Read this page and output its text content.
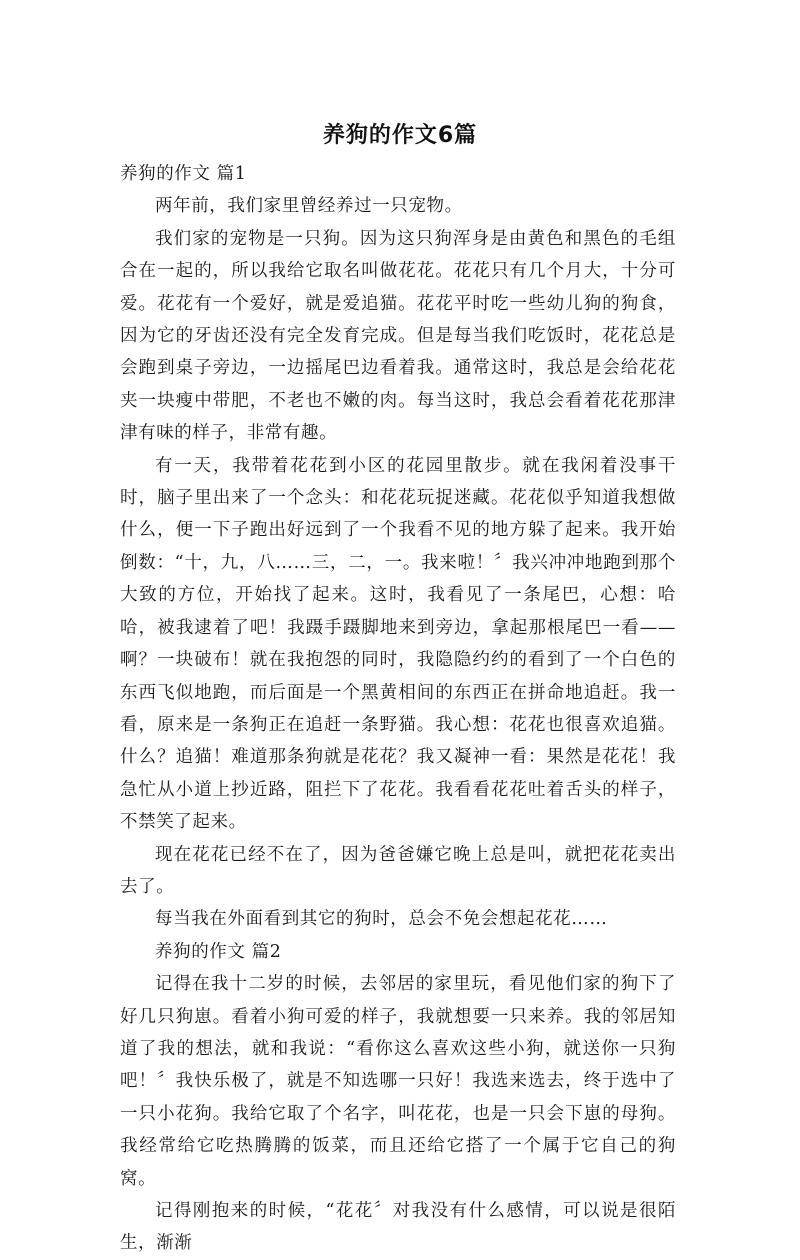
养狗的作文6篇

养狗的作文 篇1

两年前，我们家里曾经养过一只宠物。

我们家的宠物是一只狗。因为这只狗浑身是由黄色和黑色的毛组合在一起的，所以我给它取名叫做花花。花花只有几个月大，十分可爱。花花有一个爱好，就是爱追猫。花花平时吃一些幼儿狗的狗食，因为它的牙齿还没有完全发育完成。但是每当我们吃饭时，花花总是会跑到桌子旁边，一边摇尾巴边看着我。通常这时，我总是会给花花夹一块瘦中带肥，不老也不嫩的肉。每当这时，我总会看着花花那津津有味的样子，非常有趣。

有一天，我带着花花到小区的花园里散步。就在我闲着没事干时，脑子里出来了一个念头：和花花玩捉迷藏。花花似乎知道我想做什么，便一下子跑出好远到了一个我看不见的地方躲了起来。我开始倒数：“十，九，八……三，二，一。我来啦！〞我兴冲冲地跑到那个大致的方位，开始找了起来。这时，我看见了一条尾巴，心想：哈哈，被我逮着了吧！我蹑手蹑脚地来到旁边，拿起那根尾巴一看——啊？一块破布！就在我抱怨的同时，我隐隐约约的看到了一个白色的东西飞似地跑，而后面是一个黑黄相间的东西正在拼命地追赶。我一看，原来是一条狗正在追赶一条野猫。我心想：花花也很喜欢追猫。什么？追猫！难道那条狗就是花花？我又凝神一看：果然是花花！我急忙从小道上抄近路，阻拦下了花花。我看看花花吐着舌头的样子，不禁笑了起来。

现在花花已经不在了，因为爸爸嫌它晚上总是叫，就把花花卖出去了。

每当我在外面看到其它的狗时，总会不免会想起花花……

养狗的作文 篇2

记得在我十二岁的时候，去邻居的家里玩，看见他们家的狗下了好几只狗崽。看着小狗可爱的样子，我就想要一只来养。我的邻居知道了我的想法，就和我说：“看你这么喜欢这些小狗，就送你一只狗吧！〞我快乐极了，就是不知选哪一只好！我选来选去，终于选中了一只小花狗。我给它取了个名字，叫花花，也是一只会下崽的母狗。我经常给它吃热腾腾的饭菜，而且还给它搭了一个属于它自己的狗窝。

记得刚抱来的时候，“花花〞对我没有什么感情，可以说是很陌生，渐渐
